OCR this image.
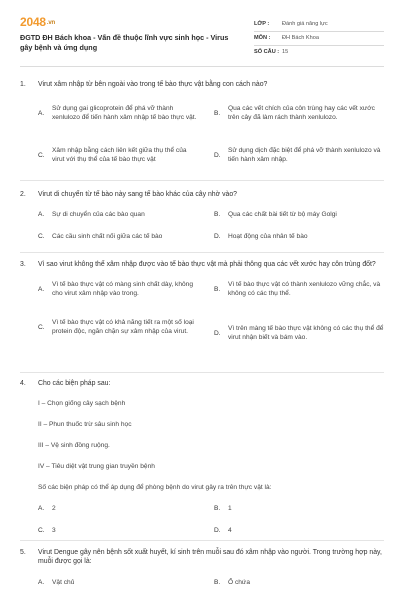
2048.vn
ĐGTD ĐH Bách khoa - Vấn đề thuộc lĩnh vực sinh học - Virus gây bệnh và ứng dụng
LỚP :	Đánh giá năng lực
MÔN :	ĐH Bách Khoa
SỐ CÂU : 15
1.	Virut xâm nhập từ bên ngoài vào trong tế bào thực vật bằng con cách nào?
A.
Sử dụng gai glicoprotein để phá vỡ thành xenlulozo để tiến hành xâm nhập tế bào thực vật.
B.
Qua các vết chích của côn trùng hay các vết xước trên cây đã làm rách thành xenlulozo.
C.
Xâm nhập bằng cách liên kết giữa thụ thể của virut với thụ thể của tế bào thực vật
D.
Sử dụng dịch đặc biệt để phá vỡ thành xenlulozo và tiến hành xâm nhập.
2.	Virut di chuyển từ tế bào này sang tế bào khác của cây nhờ vào?
A.	Sự di chuyển của các bào quan	B.	Qua các chất bài tiết từ bộ máy Golgi
C.	Các cầu sinh chất nối giữa các tế bào	D.	Hoạt động của nhân tế bào
3.	Vì sao virut không thể xâm nhập được vào tế bào thực vật mà phải thông qua các vết xước hay côn trùng đốt?
A.
Vì tế bào thực vật có màng sinh chất dày, không cho virut xâm nhập vào trong.
B.
Vì tế bào thực vật có thành xenlulozo vững chắc, và không có các thụ thể.
C.
Vì tế bào thực vật có khả năng tiết ra một số loại protein độc, ngăn chặn sự xâm nhập của virut.	D.
Vì trên màng tế bào thực vật không có các thụ thể để virut nhận biết và bám vào.
4.	Cho các biện pháp sau:
I – Chọn giống cây sạch bệnh
II – Phun thuốc trừ sâu sinh học
III – Vệ sinh đồng ruộng.
IV – Tiêu diệt vật trung gian truyền bệnh
Số các biện pháp có thể áp dụng để phòng bệnh do virut gây ra trên thực vật là:
A.	2	B.	1
C.	3	D.	4
5.	Virut Dengue gây nên bệnh sốt xuất huyết, kí sinh trên muỗi sau đó xâm nhập vào người. Trong trường hợp này, muỗi được gọi là:
A.	Vật chủ	B.	Ổ chứa
